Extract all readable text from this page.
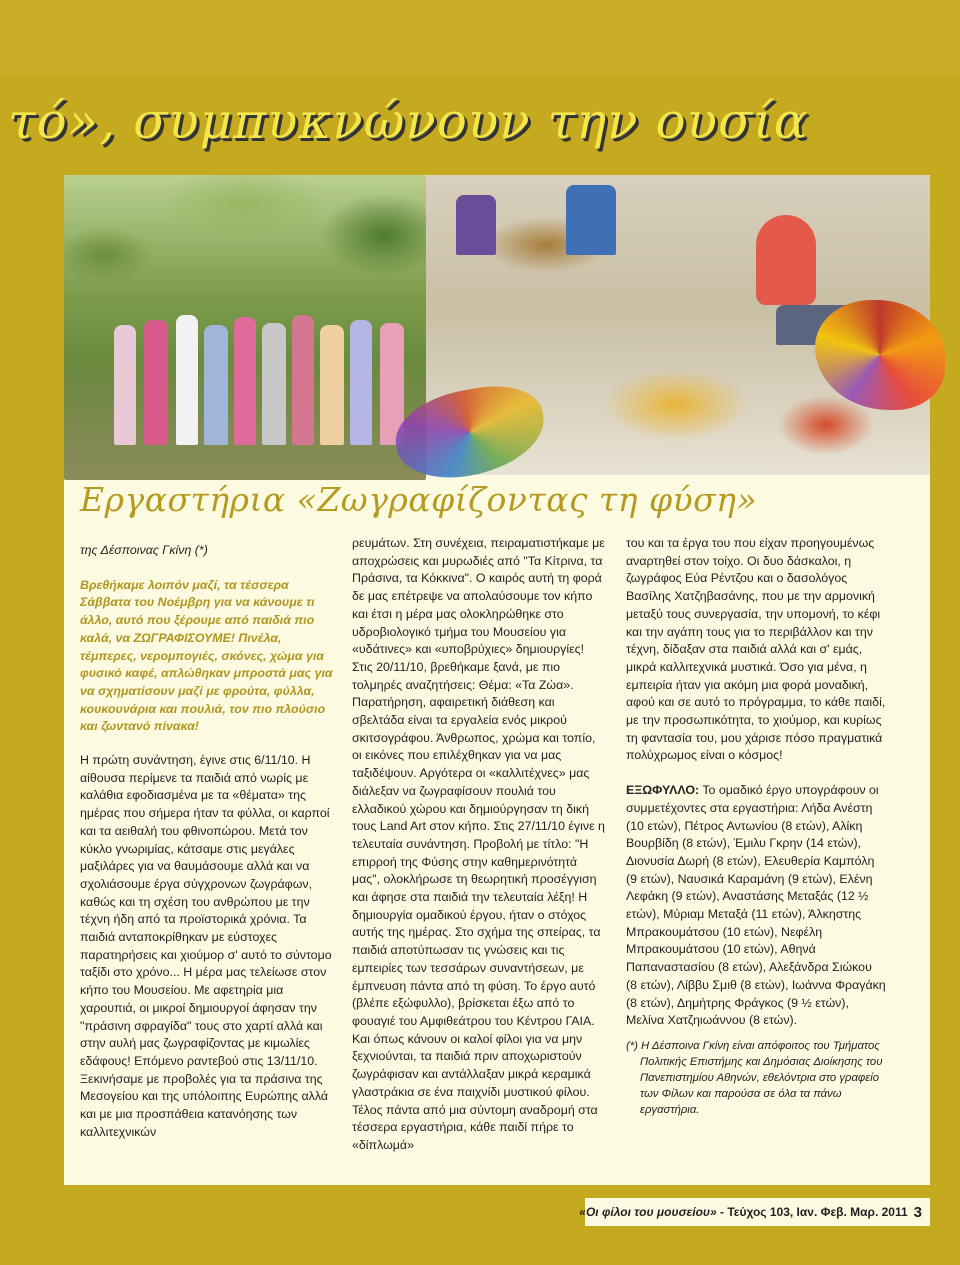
τό», συμπυκνώνουν την ουσία
Εργαστήρια «Ζωγραφίζοντας τη φύση»

της Δέσποινας Γκίνη (*)

Βρεθήκαμε λοιπόν μαζί, τα τέσσερα Σάββατα του Νοέμβρη για να κάνουμε τι άλλο, αυτό που ξέρουμε από παιδιά πιο καλά, να ΖΩΓΡΑΦΙΣΟΥΜΕ! Πινέλα, τέμπερες, νερομπογιές, σκόνες, χώμα για φυσικό καφέ, απλώθηκαν μπροστά μας για να σχηματίσουν μαζί με φρούτα, φύλλα, κουκουνάρια και πουλιά, τον πιο πλούσιο και ζωντανό πίνακα!

Η πρώτη συνάντηση, έγινε στις 6/11/10. Η αίθουσα περίμενε τα παιδιά από νωρίς με καλάθια εφοδιασμένα με τα «θέματα» της ημέρας που σήμερα ήταν τα φύλλα, οι καρποί και τα αειθαλή του φθινοπώρου. Μετά τον κύκλο γνωριμίας, κάτσαμε στις μεγάλες μαξιλάρες για να θαυμάσουμε αλλά και να σχολιάσουμε έργα σύγχρονων ζωγράφων, καθώς και τη σχέση του ανθρώπου με την τέχνη ήδη από τα προϊστορικά χρόνια. Τα παιδιά ανταποκρίθηκαν με εύστοχες παρατηρήσεις και χιούμορ σ' αυτό το σύντομο ταξίδι στο χρόνο... Η μέρα μας τελείωσε στον κήπο του Μουσείου. Με αφετηρία μια χαρουπιά, οι μικροί δημιουργοί άφησαν την "πράσινη σφραγίδα" τους στο χαρτί αλλά και στην αυλή μας ζωγραφίζοντας με κιμωλίες εδάφους! Επόμενο ραντεβού στις 13/11/10. Ξεκινήσαμε με προβολές για τα πράσινα της Μεσογείου και της υπόλοιπης Ευρώπης αλλά και με μια προσπάθεια κατανόησης των καλλιτεχνικών

ρευμάτων. Στη συνέχεια, πειραματιστήκαμε με αποχρώσεις και μυρωδιές από "Τα Κίτρινα, τα Πράσινα, τα Κόκκινα". Ο καιρός αυτή τη φορά δε μας επέτρεψε να απολαύσουμε τον κήπο και έτσι η μέρα μας ολοκληρώθηκε στο υδροβιολογικό τμήμα του Μουσείου για «υδάτινες» και «υποβρύχιες» δημιουργίες! Στις 20/11/10, βρεθήκαμε ξανά, με πιο τολμηρές αναζητήσεις: Θέμα: «Τα Ζώα». Παρατήρηση, αφαιρετική διάθεση και σβελτάδα είναι τα εργαλεία ενός μικρού σκιτσογράφου. Άνθρωπος, χρώμα και τοπίο, οι εικόνες που επιλέχθηκαν για να μας ταξιδέψουν. Αργότερα οι «καλλιτέχνες» μας διάλεξαν να ζωγραφίσουν πουλιά του ελλαδικού χώρου και δημιούργησαν τη δική τους Land Art στον κήπο. Στις 27/11/10 έγινε η τελευταία συνάντηση. Προβολή με τίτλο: "Η επιρροή της Φύσης στην καθημερινότητά μας", ολοκλήρωσε τη θεωρητική προσέγγιση και άφησε στα παιδιά την τελευταία λέξη! Η δημιουργία ομαδικού έργου, ήταν ο στόχος αυτής της ημέρας. Στο σχήμα της σπείρας, τα παιδιά αποτύπωσαν τις γνώσεις και τις εμπειρίες των τεσσάρων συναντήσεων, με έμπνευση πάντα από τη φύση. Το έργο αυτό (βλέπε εξώφυλλο), βρίσκεται έξω από το φουαγιέ του Αμφιθεάτρου του Κέντρου ΓΑΙΑ. Και όπως κάνουν οι καλοί φίλοι για να μην ξεχνιούνται, τα παιδιά πριν αποχωριστούν ζωγράφισαν και αντάλλαξαν μικρά κεραμικά γλαστράκια σε ένα παιχνίδι μυστικού φίλου. Τέλος πάντα από μια σύντομη αναδρομή στα τέσσερα εργαστήρια, κάθε παιδί πήρε το «δίπλωμά»

του και τα έργα του που είχαν προηγουμένως αναρτηθεί στον τοίχο. Οι δυο δάσκαλοι, η ζωγράφος Εύα Ρέντζου και ο δασολόγος Βασίλης Χατζηβασάνης, που με την αρμονική μεταξύ τους συνεργασία, την υπομονή, το κέφι και την αγάπη τους για το περιβάλλον και την τέχνη, δίδαξαν στα παιδιά αλλά και σ' εμάς, μικρά καλλιτεχνικά μυστικά. Όσο για μένα, η εμπειρία ήταν για ακόμη μια φορά μοναδική, αφού και σε αυτό το πρόγραμμα, το κάθε παιδί, με την προσωπικότητα, το χιούμορ, και κυρίως τη φαντασία του, μου χάρισε πόσο πραγματικά πολύχρωμος είναι ο κόσμος!

ΕΞΩΦΥΛΛΟ: Το ομαδικό έργο υπογράφουν οι συμμετέχοντες στα εργαστήρια: Λήδα Ανέστη (10 ετών), Πέτρος Αντωνίου (8 ετών), Αλίκη Βουρβίδη (8 ετών), Έμιλυ Γκρην (14 ετών), Διονυσία Δωρή (8 ετών), Ελευθερία Καμπόλη (9 ετών), Ναυσικά Καραμάνη (9 ετών), Ελένη Λεφάκη (9 ετών), Αναστάσης Μεταξάς (12 ½ ετών), Μύριαμ Μεταξά (11 ετών), Άλκηστης Μπρακουμάτσου (10 ετών), Νεφέλη Μπρακουμάτσου (10 ετών), Αθηνά Παπαναστασίου (8 ετών), Αλεξάνδρα Σιώκου (8 ετών), Λίββυ Σμιθ (8 ετών), Ιωάννα Φραγάκη (8 ετών), Δημήτρης Φράγκος (9 ½ ετών), Μελίνα Χατζηιωάννου (8 ετών).

(*) Η Δέσποινα Γκίνη είναι απόφοιτος του Τμήματος Πολιτικής Επιστήμης και Δημόσιας Διοίκησης του Πανεπιστημίου Αθηνών, εθελόντρια στο γραφείο των Φίλων και παρούσα σε όλα τα πάνω εργαστήρια.

«Οι φίλοι του μουσείου» - Τεύχος 103, Ιαν. Φεβ. Μαρ. 2011 3
